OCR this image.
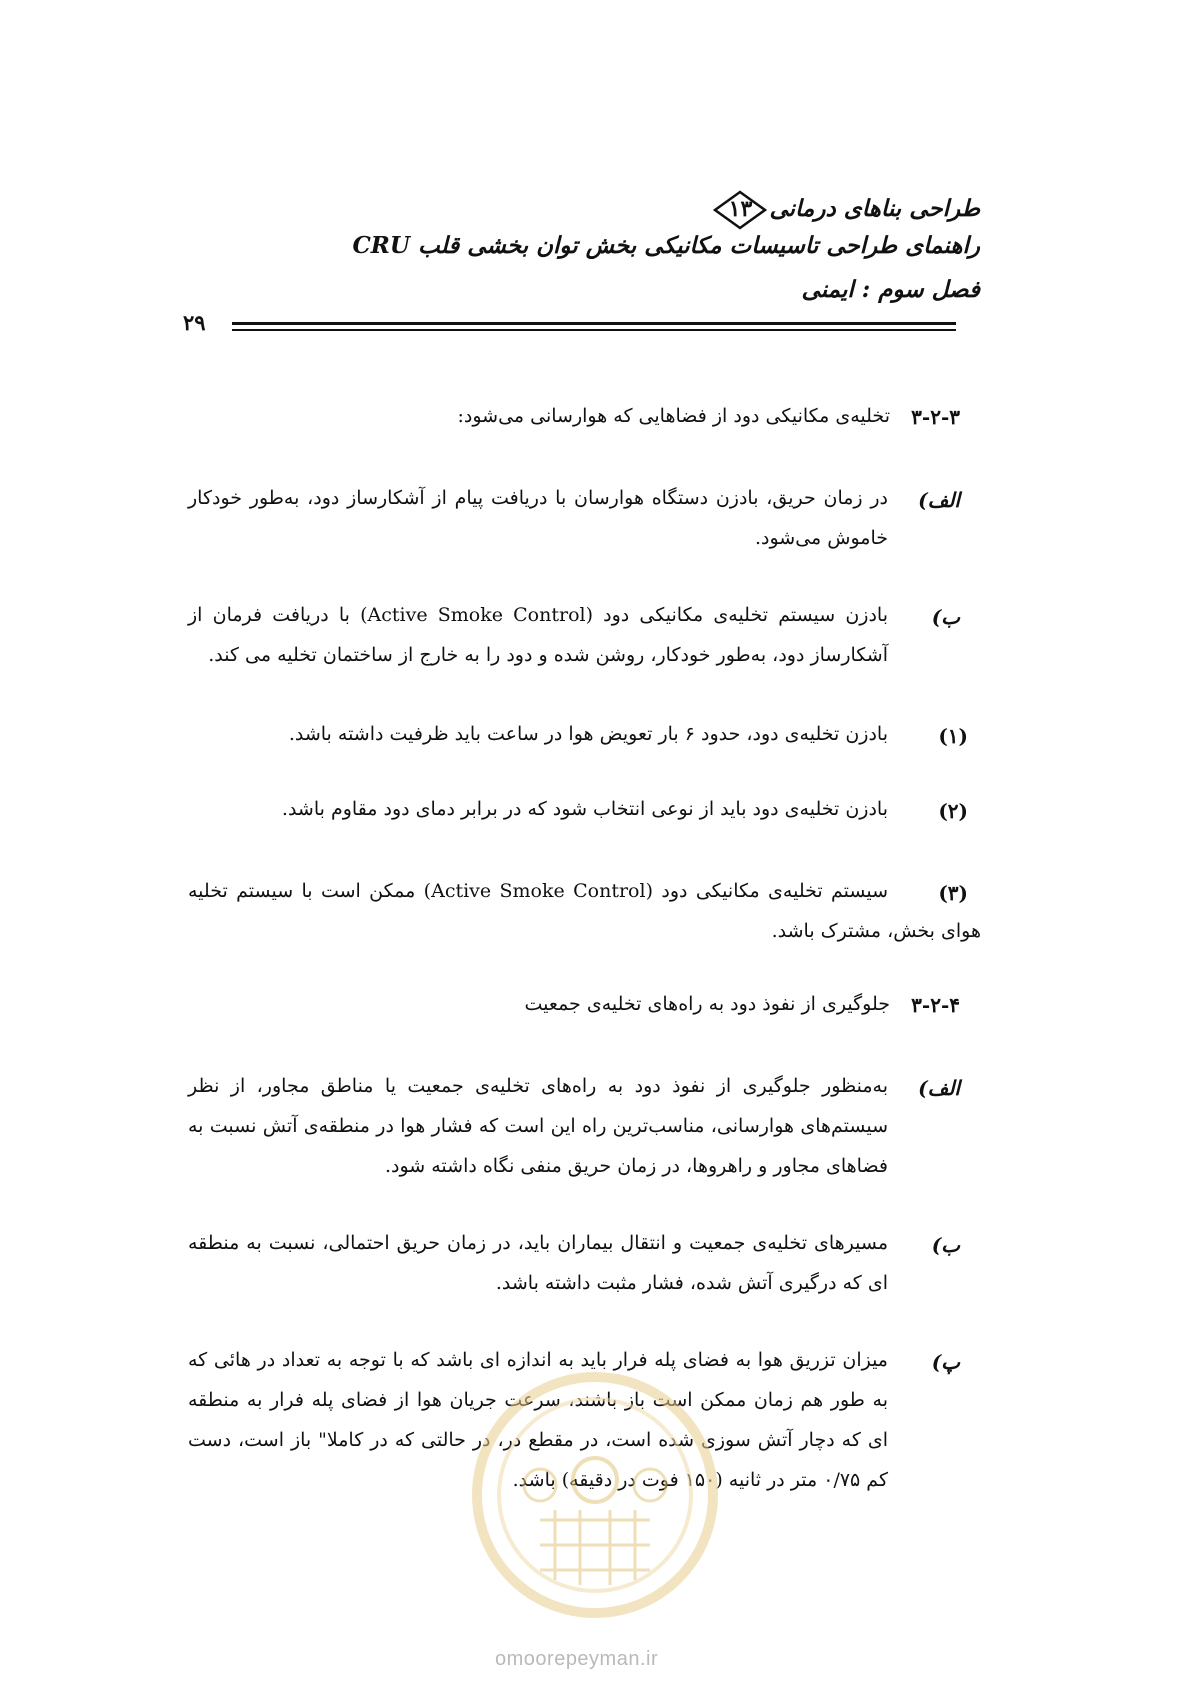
طراحی بناهای درمانی
۱۳
راهنمای طراحی تاسیسات مکانیکی بخش توان بخشی قلب CRU
فصل سوم : ایمنی
۲۹
۳-۲-۳
تخلیه‌ی مکانیکی دود از فضاهایی که هوارسانی می‌شود:
الف)
در زمان حریق، بادزن دستگاه هوارسان با دریافت پیام از آشکارساز دود، به‌طور خودکار خاموش می‌شود.
ب)
بادزن سیستم تخلیه‌ی مکانیکی دود (Active Smoke Control) با دریافت فرمان از آشکارساز دود، به‌طور خودکار، روشن شده و دود را به خارج از ساختمان تخلیه می کند.
(۱)
بادزن تخلیه‌ی دود، حدود ۶ بار تعویض هوا در ساعت باید ظرفیت داشته باشد.
(۲)
بادزن تخلیه‌ی دود باید از نوعی انتخاب شود که در برابر دمای دود مقاوم باشد.
(۳)
سیستم تخلیه‌ی مکانیکی دود (Active Smoke Control) ممکن است با سیستم تخلیه هوای بخش، مشترک باشد.
۳-۲-۴
جلوگیری از نفوذ دود به راه‌های تخلیه‌ی جمعیت
الف)
به‌منظور جلوگیری از نفوذ دود به راه‌های تخلیه‌ی جمعیت یا مناطق مجاور، از نظر سیستم‌های هوارسانی، مناسب‌ترین راه این است که فشار هوا در منطقه‌ی آتش نسبت به فضاهای مجاور و راهروها، در زمان حریق منفی نگاه داشته شود.
ب)
مسیرهای تخلیه‌ی جمعیت و انتقال بیماران باید، در زمان حریق احتمالی، نسبت به منطقه ای که درگیری آتش شده، فشار مثبت داشته باشد.
پ)
میزان تزریق هوا به فضای پله فرار باید به اندازه ای باشد که با توجه به تعداد در هائی که به طور هم زمان ممکن است باز باشند، سرعت جریان هوا از فضای پله فرار به منطقه ای که دچار آتش سوزی شده است، در مقطع در، در حالتی که در کاملا" باز است، دست کم ۰/۷۵ متر در ثانیه (۱۵۰ فوت در دقیقه) باشد.
omoorepeyman.ir
